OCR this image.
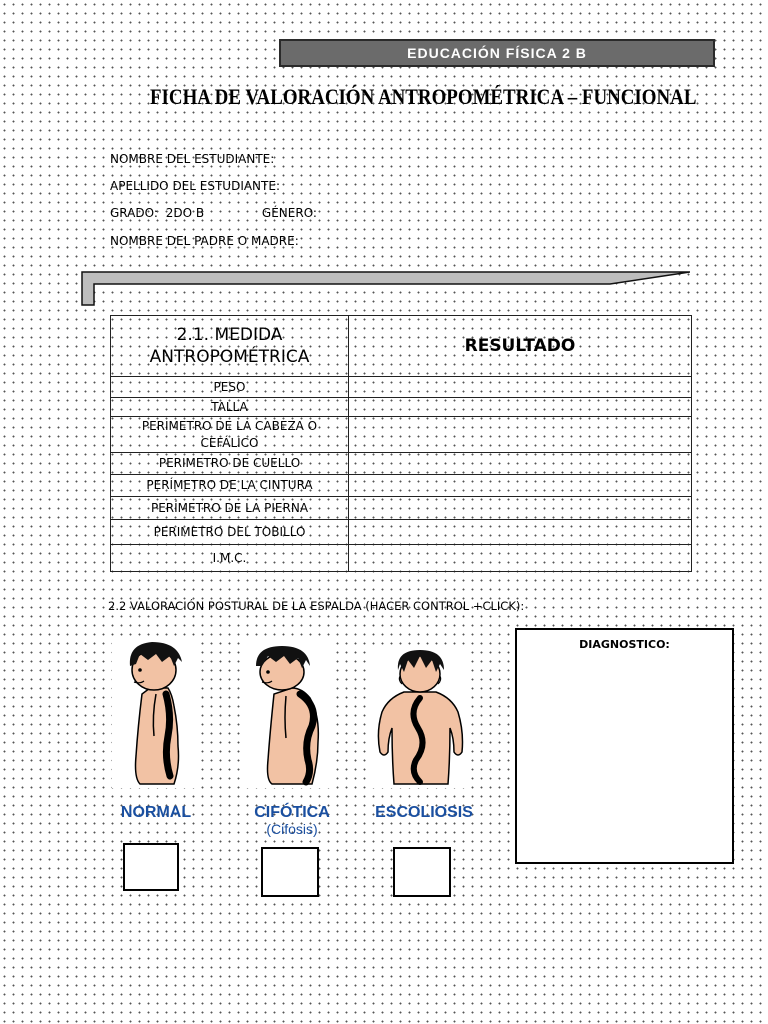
EDUCACIÓN FÍSICA 2 B
FICHA DE VALORACIÓN ANTROPOMÉTRICA – FUNCIONAL
NOMBRE DEL ESTUDIANTE:
APELLIDO DEL ESTUDIANTE:
GRADO: 2DO B	GÉNERO:
NOMBRE DEL PADRE O MADRE:
2.1. MEDIDA ANTROPOMÉTRICA	RESULTADO
PESO	
TALLA	
PERIMETRO DE LA CABEZA O CEFÁLICO	
PERIMETRO DE CUELLO	
PERÍMETRO DE LA CINTURA	
PERÍMETRO DE LA PIERNA	
PERIMETRO DEL TOBILLO	
I.M.C.	
2.2 VALORACIÓN POSTURAL DE LA ESPALDA (HACER CONTROL +CLICK):
NORMAL	CIFÓTICA
(Cifosis)
ESCOLIOSIS
DIAGNOSTICO:
